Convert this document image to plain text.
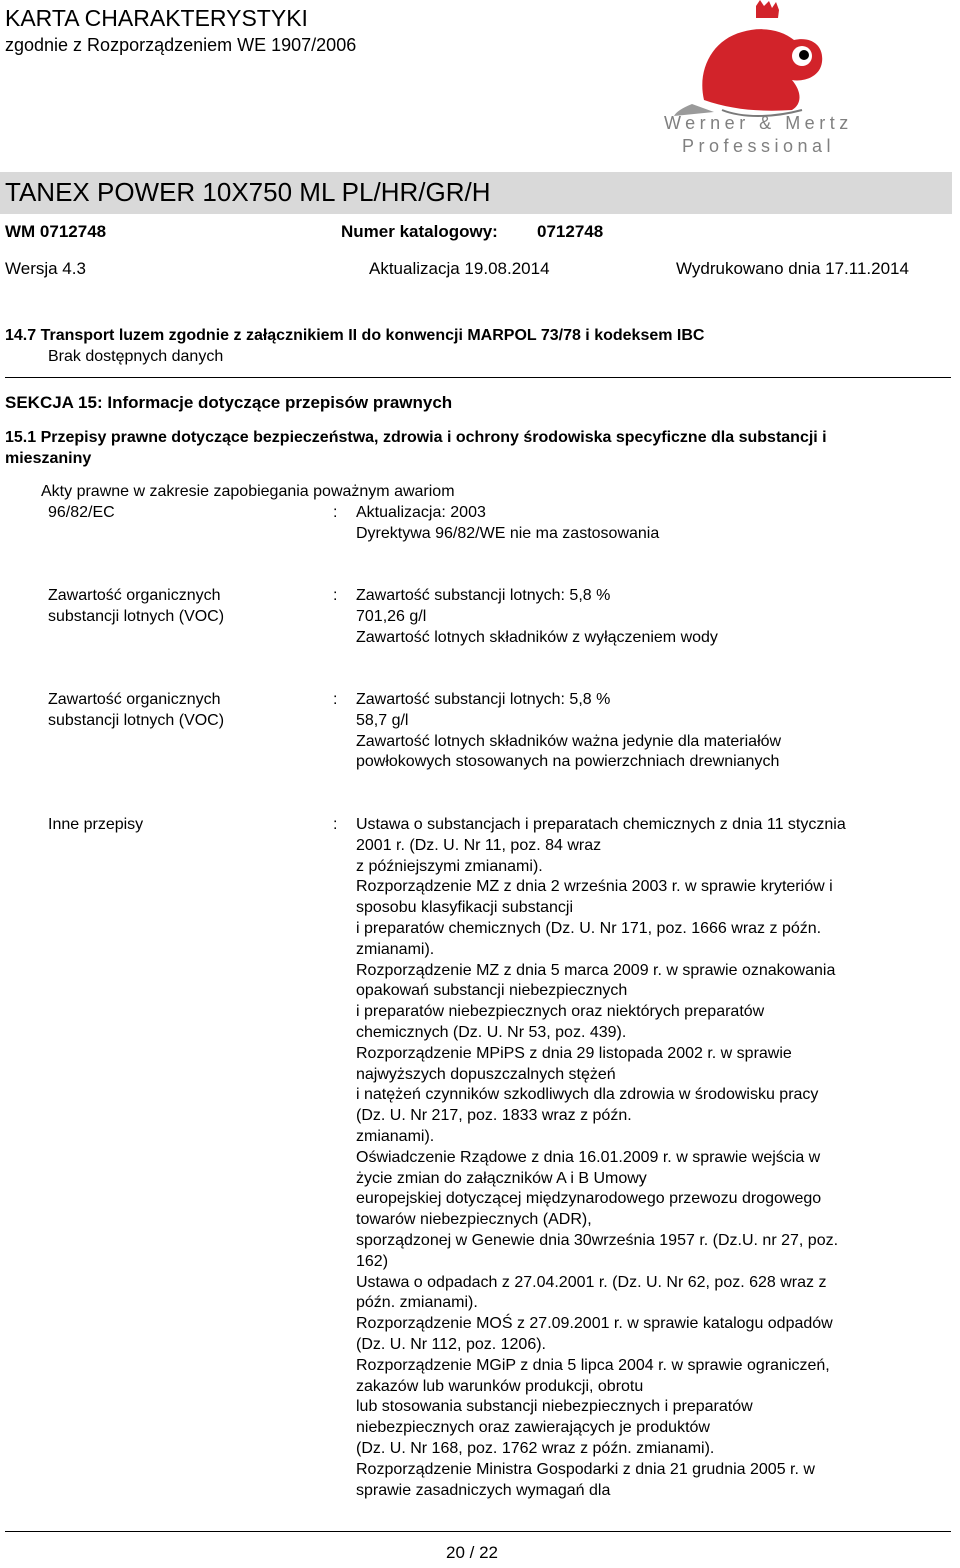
KARTA CHARAKTERYSTYKI
zgodnie z Rozporządzeniem WE 1907/2006
Werner & Mertz
Professional
TANEX POWER 10X750 ML PL/HR/GR/H
WM 0712748	Numer katalogowy: 0712748
Wersja 4.3	Aktualizacja 19.08.2014	Wydrukowano dnia 17.11.2014
14.7 Transport luzem zgodnie z załącznikiem II do konwencji MARPOL 73/78 i kodeksem IBC
Brak dostępnych danych
SEKCJA 15: Informacje dotyczące przepisów prawnych
15.1 Przepisy prawne dotyczące bezpieczeństwa, zdrowia i ochrony środowiska specyficzne dla substancji i
mieszaniny
Akty prawne w zakresie zapobiegania poważnym awariom
96/82/EC	: Aktualizacja: 2003
Dyrektywa 96/82/WE nie ma zastosowania
Zawartość organicznych
substancji lotnych (VOC)
: Zawartość substancji lotnych: 5,8 %
701,26 g/l
Zawartość lotnych składników z wyłączeniem wody
Zawartość organicznych
substancji lotnych (VOC)
: Zawartość substancji lotnych: 5,8 %
58,7 g/l
Zawartość lotnych składników ważna jedynie dla materiałów
powłokowych stosowanych na powierzchniach drewnianych
Inne przepisy	: Ustawa o substancjach i preparatach chemicznych z dnia 11 stycznia
2001 r. (Dz. U. Nr 11, poz. 84 wraz
z późniejszymi zmianami).
Rozporządzenie MZ z dnia 2 września 2003 r. w sprawie kryteriów i
sposobu klasyfikacji substancji
i preparatów chemicznych (Dz. U. Nr 171, poz. 1666 wraz z późn.
zmianami).
Rozporządzenie MZ z dnia 5 marca 2009 r. w sprawie oznakowania
opakowań substancji niebezpiecznych
i preparatów niebezpiecznych oraz niektórych preparatów
chemicznych (Dz. U. Nr 53, poz. 439).
Rozporządzenie MPiPS z dnia 29 listopada 2002 r. w sprawie
najwyższych dopuszczalnych stężeń
i natężeń czynników szkodliwych dla zdrowia w środowisku pracy
(Dz. U. Nr 217, poz. 1833 wraz z późn.
zmianami).
Oświadczenie Rządowe z dnia 16.01.2009 r. w sprawie wejścia w
życie zmian do załączników A i B Umowy
europejskiej dotyczącej międzynarodowego przewozu drogowego
towarów niebezpiecznych (ADR),
sporządzonej w Genewie dnia 30września 1957 r. (Dz.U. nr 27, poz.
162)
Ustawa o odpadach z 27.04.2001 r. (Dz. U. Nr 62, poz. 628 wraz z
późn. zmianami).
Rozporządzenie MOŚ z 27.09.2001 r. w sprawie katalogu odpadów
(Dz. U. Nr 112, poz. 1206).
Rozporządzenie MGiP z dnia 5 lipca 2004 r. w sprawie ograniczeń,
zakazów lub warunków produkcji, obrotu
lub stosowania substancji niebezpiecznych i preparatów
niebezpiecznych oraz zawierających je produktów
(Dz. U. Nr 168, poz. 1762 wraz z późn. zmianami).
Rozporządzenie Ministra Gospodarki z dnia 21 grudnia 2005 r. w
sprawie zasadniczych wymagań dla
20 / 22
